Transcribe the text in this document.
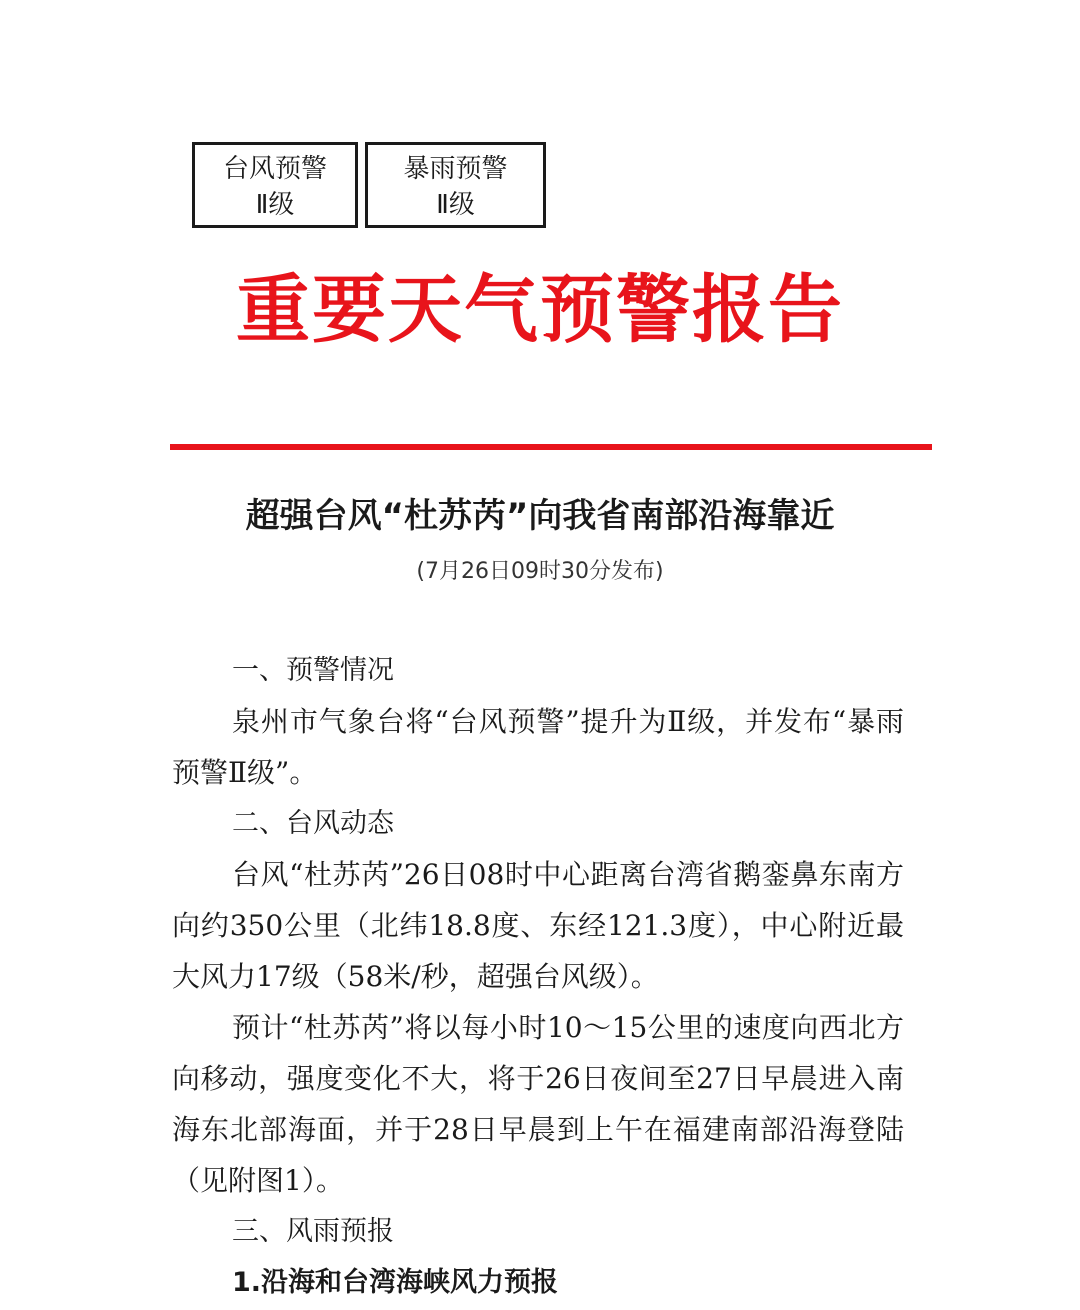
台风预警
Ⅱ级
暴雨预警
Ⅱ级
重要天气预警报告
超强台风“杜苏芮”向我省南部沿海靠近
(7月26日09时30分发布)

一、预警情况

泉州市气象台将“台风预警”提升为Ⅱ级，并发布“暴雨预警Ⅱ级”。

二、台风动态

台风“杜苏芮”26日08时中心距离台湾省鹅銮鼻东南方向约350公里（北纬18.8度、东经121.3度），中心附近最大风力17级（58米/秒，超强台风级）。

预计“杜苏芮”将以每小时10～15公里的速度向西北方向移动，强度变化不大，将于26日夜间至27日早晨进入南海东北部海面，并于28日早晨到上午在福建南部沿海登陆（见附图1）。

三、风雨预报

1.沿海和台湾海峡风力预报
